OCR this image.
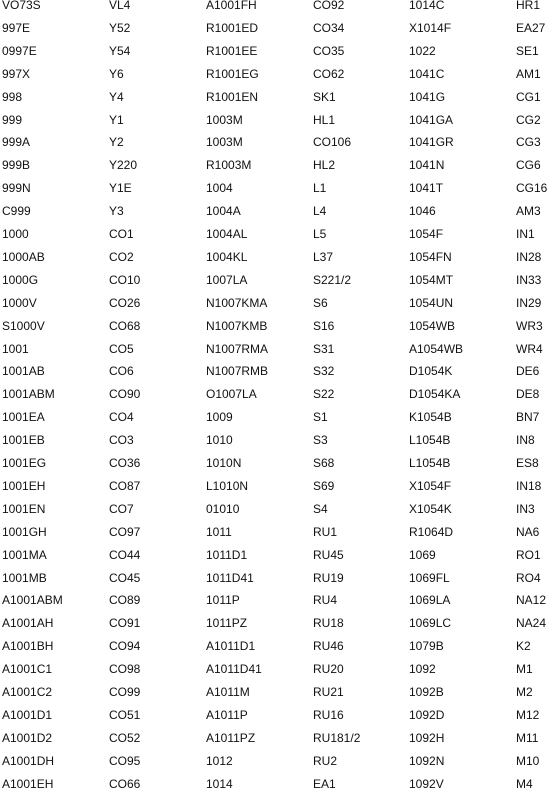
VO73S
997E
0997E
997X
998
999
999A
999B
999N
C999
1000
1000AB
1000G
1000V
S1000V
1001
1001AB
1001ABM
1001EA
1001EB
1001EG
1001EH
1001EN
1001GH
1001MA
1001MB
A1001ABM
A1001AH
A1001BH
A1001C1
A1001C2
A1001D1
A1001D2
A1001DH
A1001EH
VL4
Y52
Y54
Y6
Y4
Y1
Y2
Y220
Y1E
Y3
CO1
CO2
CO10
CO26
CO68
CO5
CO6
CO90
CO4
CO3
CO36
CO87
CO7
CO97
CO44
CO45
CO89
CO91
CO94
CO98
CO99
CO51
CO52
CO95
CO66
A1001FH
R1001ED
R1001EE
R1001EG
R1001EN
1003M
1003M
R1003M
1004
1004A
1004AL
1004KL
1007LA
N1007KMA
N1007KMB
N1007RMA
N1007RMB
O1007LA
1009
1010
1010N
L1010N
01010
1011
1011D1
1011D41
1011P
1011PZ
A1011D1
A1011D41
A1011M
A1011P
A1011PZ
1012
1014
CO92
CO34
CO35
CO62
SK1
HL1
CO106
HL2
L1
L4
L5
L37
S221/2
S6
S16
S31
S32
S22
S1
S3
S68
S69
S4
RU1
RU45
RU19
RU4
RU18
RU46
RU20
RU21
RU16
RU181/2
RU2
EA1
1014C
X1014F
1022
1041C
1041G
1041GA
1041GR
1041N
1041T
1046
1054F
1054FN
1054MT
1054UN
1054WB
A1054WB
D1054K
D1054KA
K1054B
L1054B
L1054B
X1054F
X1054K
R1064D
1069
1069FL
1069LA
1069LC
1079B
1092
1092B
1092D
1092H
1092N
1092V
HR1
EA27
SE1
AM1
CG1
CG2
CG3
CG6
CG16
AM3
IN1
IN28
IN33
IN29
WR3
WR4
DE6
DE8
BN7
IN8
ES8
IN18
IN3
NA6
RO1
RO4
NA12
NA24
K2
M1
M2
M12
M11
M10
M4
